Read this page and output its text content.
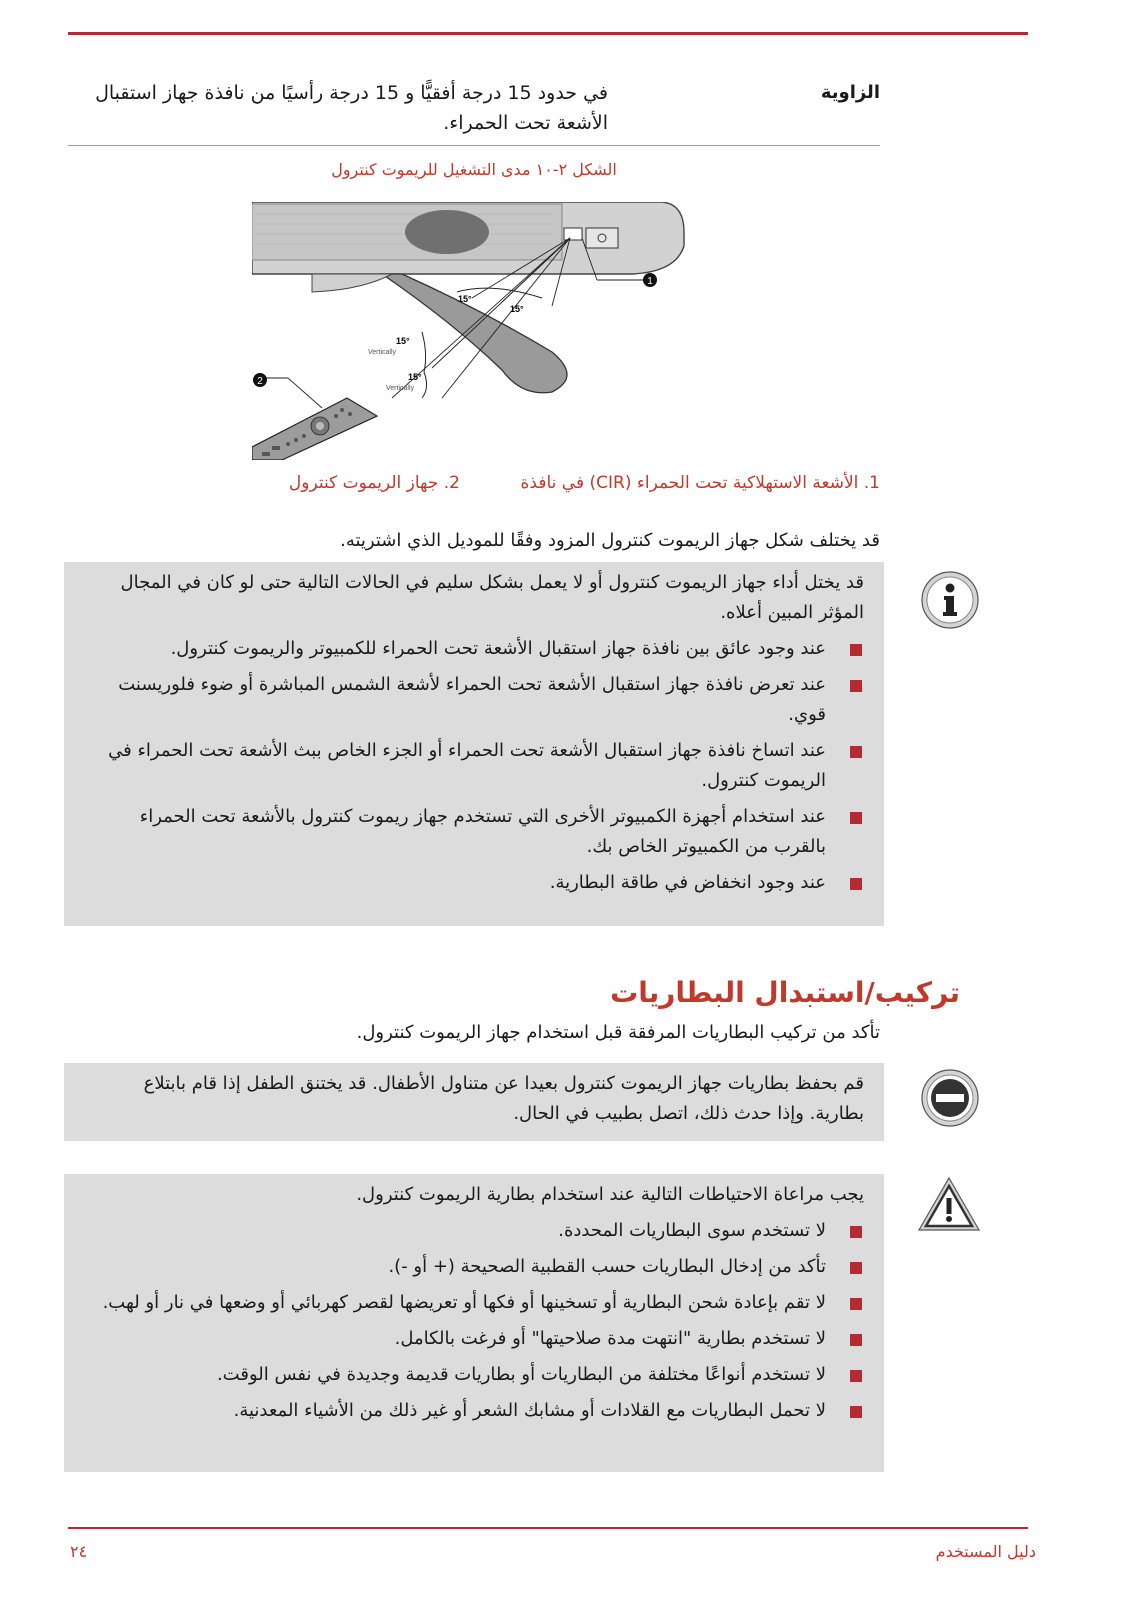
الزاوية
في حدود 15 درجة أفقيًّا و 15 درجة رأسيًا من نافذة جهاز استقبال الأشعة تحت الحمراء.
الشكل ٢-١٠ مدى التشغيل للريموت كنترول
15°
15°
15°
Vertically
15°
Vertically
1
2
1. الأشعة الاستهلاكية تحت الحمراء (CIR) في نافذة
2. جهاز الريموت كنترول
قد يختلف شكل جهاز الريموت كنترول المزود وفقًا للموديل الذي اشتريته.
قد يختل أداء جهاز الريموت كنترول أو لا يعمل بشكل سليم في الحالات التالية حتى لو كان في المجال المؤثر المبين أعلاه.
عند وجود عائق بين نافذة جهاز استقبال الأشعة تحت الحمراء للكمبيوتر والريموت كنترول.
عند تعرض نافذة جهاز استقبال الأشعة تحت الحمراء لأشعة الشمس المباشرة أو ضوء فلوريسنت قوي.
عند اتساخ نافذة جهاز استقبال الأشعة تحت الحمراء أو الجزء الخاص ببث الأشعة تحت الحمراء في الريموت كنترول.
عند استخدام أجهزة الكمبيوتر الأخرى التي تستخدم جهاز ريموت كنترول بالأشعة تحت الحمراء بالقرب من الكمبيوتر الخاص بك.
عند وجود انخفاض في طاقة البطارية.
تركيب/استبدال البطاريات
تأكد من تركيب البطاريات المرفقة قبل استخدام جهاز الريموت كنترول.
قم بحفظ بطاريات جهاز الريموت كنترول بعيدا عن متناول الأطفال. قد يختنق الطفل إذا قام بابتلاع بطارية. وإذا حدث ذلك، اتصل بطبيب في الحال.
يجب مراعاة الاحتياطات التالية عند استخدام بطارية الريموت كنترول.
لا تستخدم سوى البطاريات المحددة.
تأكد من إدخال البطاريات حسب القطبية الصحيحة (+ أو -).
لا تقم بإعادة شحن البطارية أو تسخينها أو فكها أو تعريضها لقصر كهربائي أو وضعها في نار أو لهب.
لا تستخدم بطارية "انتهت مدة صلاحيتها" أو فرغت بالكامل.
لا تستخدم أنواعًا مختلفة من البطاريات أو بطاريات قديمة وجديدة في نفس الوقت.
لا تحمل البطاريات مع القلادات أو مشابك الشعر أو غير ذلك من الأشياء المعدنية.
٢٤	دليل المستخدم
